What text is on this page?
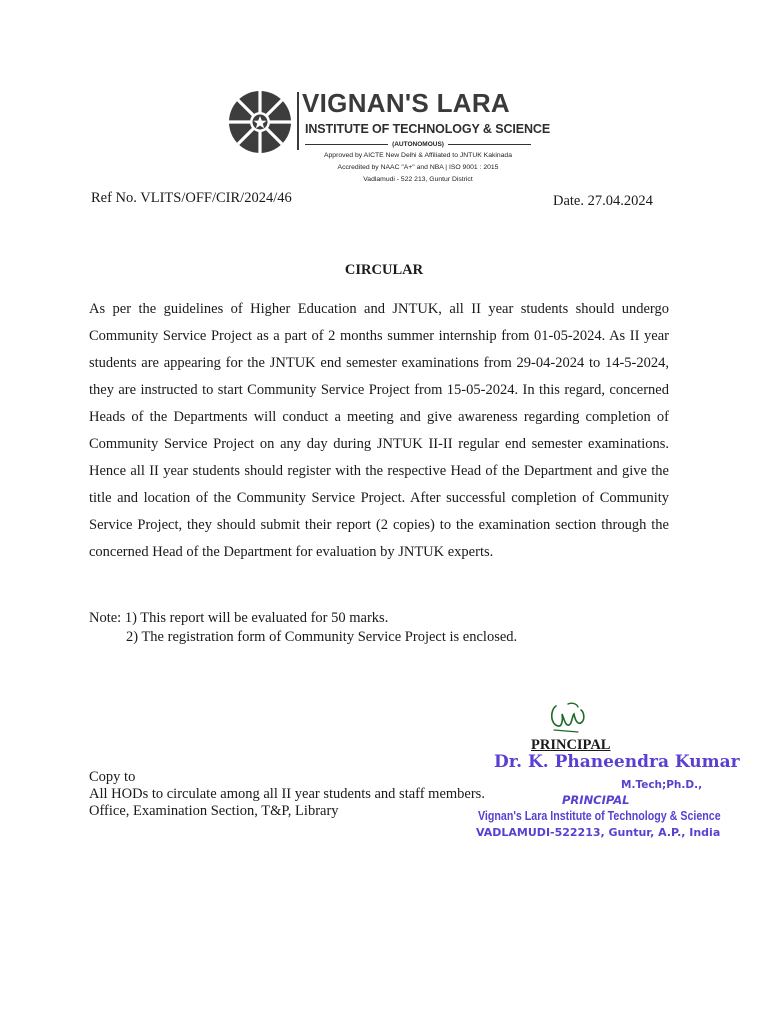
VIGNAN'S LARA
INSTITUTE OF TECHNOLOGY & SCIENCE
(AUTONOMOUS)
Approved by AICTE New Delhi & Affiliated to JNTUK Kakinada
Accredited by NAAC "A+" and NBA | ISO 9001 : 2015
Vadlamudi - 522 213, Guntur District
Ref No. VLITS/OFF/CIR/2024/46	Date. 27.04.2024
CIRCULAR

As per the guidelines of Higher Education and JNTUK, all II year students should undergo Community Service Project as a part of 2 months summer internship from 01-05-2024. As II year students are appearing for the JNTUK end semester examinations from 29-04-2024 to 14-5-2024, they are instructed to start Community Service Project from 15-05-2024. In this regard, concerned Heads of the Departments will conduct a meeting and give awareness regarding completion of Community Service Project on any day during JNTUK II-II regular end semester examinations. Hence all II year students should register with the respective Head of the Department and give the title and location of the Community Service Project. After successful completion of Community Service Project, they should submit their report (2 copies) to the examination section through the concerned Head of the Department for evaluation by JNTUK experts.

Note: 1) This report will be evaluated for 50 marks.
2) The registration form of Community Service Project is enclosed.
PRINCIPAL
Copy to
All HODs to circulate among all II year students and staff members.
Office, Examination Section, T&P, Library
Dr. K. Phaneendra Kumar
M.Tech;Ph.D.,
PRINCIPAL
Vignan's Lara Institute of Technology & Science
VADLAMUDI-522213, Guntur, A.P., India
